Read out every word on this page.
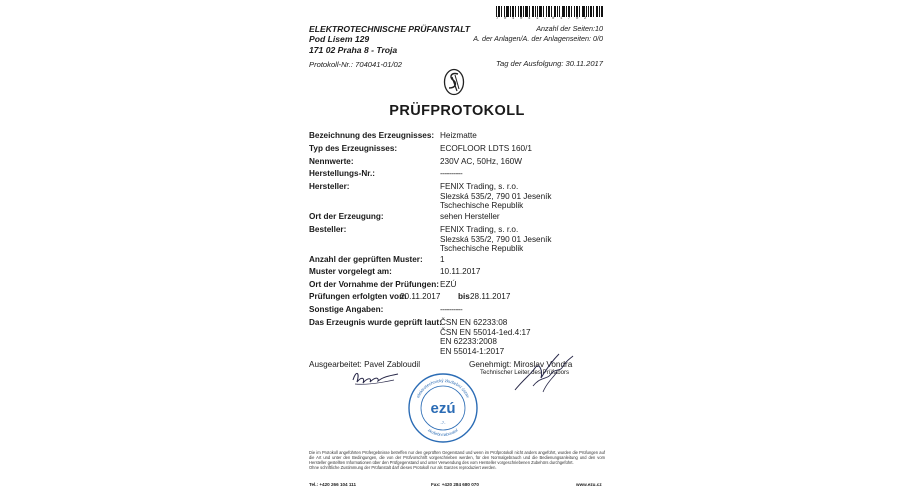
7 0 4 0 4 1 - 0 1 / 0 2
ELEKTROTECHNISCHE PRÜFANSTALT
Pod Lisem 129
171 02 Praha 8 - Troja
Anzahl der Seiten:10
A. der Anlagen/A. der Anlagenseiten: 0/0
Protokoll-Nr.: 704041-01/02	Tag der Ausfolgung: 30.11.2017
PRÜFPROTOKOLL
Bezeichnung des Erzeugnisses: Heizmatte
Typ des Erzeugnisses:	ECOFLOOR LDTS 160/1
Nennwerte:	230V AC, 50Hz, 160W
Herstellungs-Nr.:	----------
Hersteller:	FENIX Trading, s. r.o.
Slezská 535/2, 790 01 Jeseník
Tschechische Republik
Ort der Erzeugung:	sehen Hersteller
Besteller:	FENIX Trading, s. r.o.
Slezská 535/2, 790 01 Jeseník
Tschechische Republik
Anzahl der geprüften Muster: 1
Muster vorgelegt am:	10.11.2017
Ort der Vornahme der Prüfungen: EZÚ
Prüfungen erfolgten vom
20.11.2017 bis 28.11.2017
Sonstige Angaben:	----------
Das Erzeugnis wurde geprüft laut:
ČSN EN 62233:08
ČSN EN 55014-1ed.4:17
EN 62233:2008
EN 55014-1:2017
Ausgearbeitet: Pavel Zabloudil	Genehmigt: Miroslav Vondra
Technischer Leiter des Prüfabors
elektrotechnický zkušební ústav
zkušební laboratoř
ezú
-7-
Die im Protokoll angeführten Prüfergebnisse betreffen nur den geprüften Gegenstand und wenn im Prüfprotokoll nicht anders angeführt, wurden die Prüfungen auf die Art und unter den Bedingungen, die von der Prüfvorschrift vorgeschrieben werden, für den Normalgebrauch und die Bedienungsanleitung und den vom Hersteller gestellten Informationen über den Prüfgegenstand und unter Verwendung des vom Hersteller vorgeschriebenen Zubehörs durchgeführt.
Ohne schriftliche Zustimmung der Prüfanstalt darf dieses Protokoll nur als Ganzes reproduziert werden.
Tel.: +420 266 104 111	Fax: +420 284 680 070	www.ezu.cz
